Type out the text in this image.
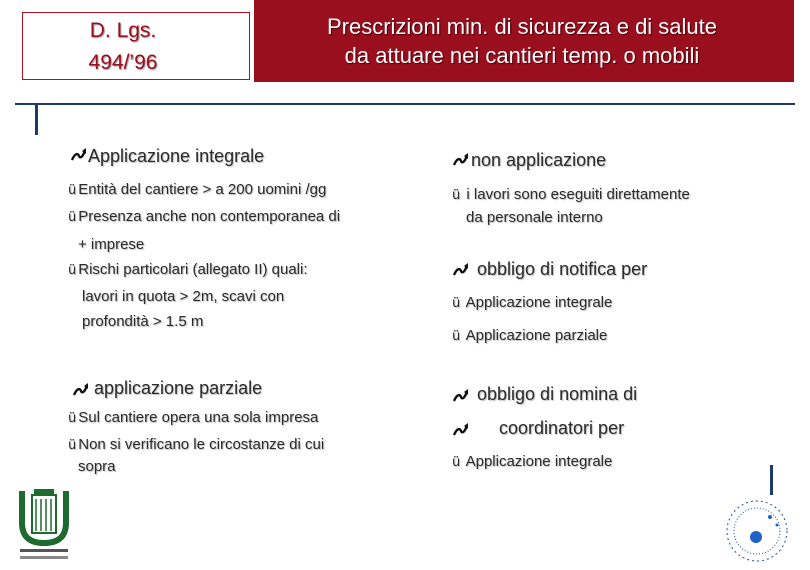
D. Lgs.
494/’96
Prescrizioni min. di sicurezza e di salute
da attuare nei cantieri temp. o mobili
Applicazione integrale
ü Entità del cantiere > a 200 uomini /gg
ü Presenza anche non contemporanea di
+ imprese
ü Rischi particolari (allegato II) quali:
lavori in quota > 2m, scavi con
profondità > 1.5 m
applicazione parziale
ü Sul cantiere opera una sola impresa
ü Non si verificano le circostanze di cui
sopra
non applicazione
ü i lavori sono eseguiti direttamente
da personale interno
obbligo di notifica per
ü Applicazione integrale
ü Applicazione parziale
obbligo di nomina di
coordinatori per
ü Applicazione integrale
